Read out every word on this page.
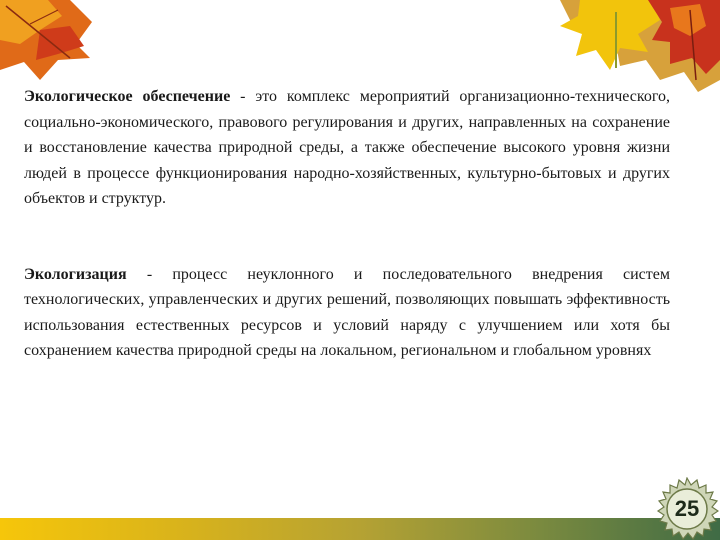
Экологическое обеспечение - это комплекс мероприятий организационно-технического, социально-экономического, правового регулирования и других, направленных на сохранение и восстановление качества природной среды, а также обеспечение высокого уровня жизни людей в процессе функционирования народно-хозяйственных, культурно-бытовых и других объектов и структур.

Экологизация - процесс неуклонного и последовательного внедрения систем технологических, управленческих и других решений, позволяющих повышать эффективность использования естественных ресурсов и условий наряду с улучшением или хотя бы сохранением качества природной среды на локальном, региональном и глобальном уровнях

25
